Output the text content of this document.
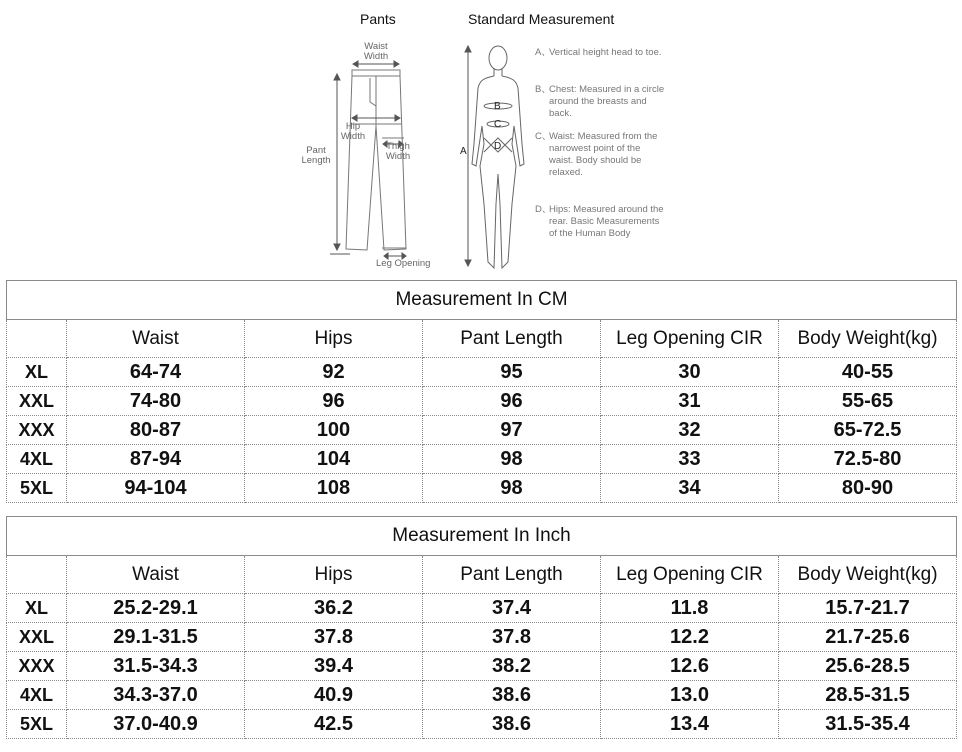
Pants	Standard Measurement
Waist
Width
Hip
Width
Thigh
Width
Pant
Length
Leg Opening
A
B
C
D
A、
Vertical height head to toe.
B、
Chest: Measured in a circle around the breasts and back.
C、
Waist: Measured from the narrowest point of the waist. Body should be relaxed.
D、
Hips: Measured around the rear. Basic Measurements of the Human Body
Measurement In CM					
	Waist	Hips	Pant Length	Leg Opening CIR	Body Weight(kg)
XL	64-74	92	95	30	40-55
XXL	74-80	96	96	31	55-65
XXX	80-87	100	97	32	65-72.5
4XL	87-94	104	98	33	72.5-80
5XL	94-104	108	98	34	80-90
Measurement In Inch					
	Waist	Hips	Pant Length	Leg Opening CIR	Body Weight(kg)
XL	25.2-29.1	36.2	37.4	11.8	15.7-21.7
XXL	29.1-31.5	37.8	37.8	12.2	21.7-25.6
XXX	31.5-34.3	39.4	38.2	12.6	25.6-28.5
4XL	34.3-37.0	40.9	38.6	13.0	28.5-31.5
5XL	37.0-40.9	42.5	38.6	13.4	31.5-35.4
